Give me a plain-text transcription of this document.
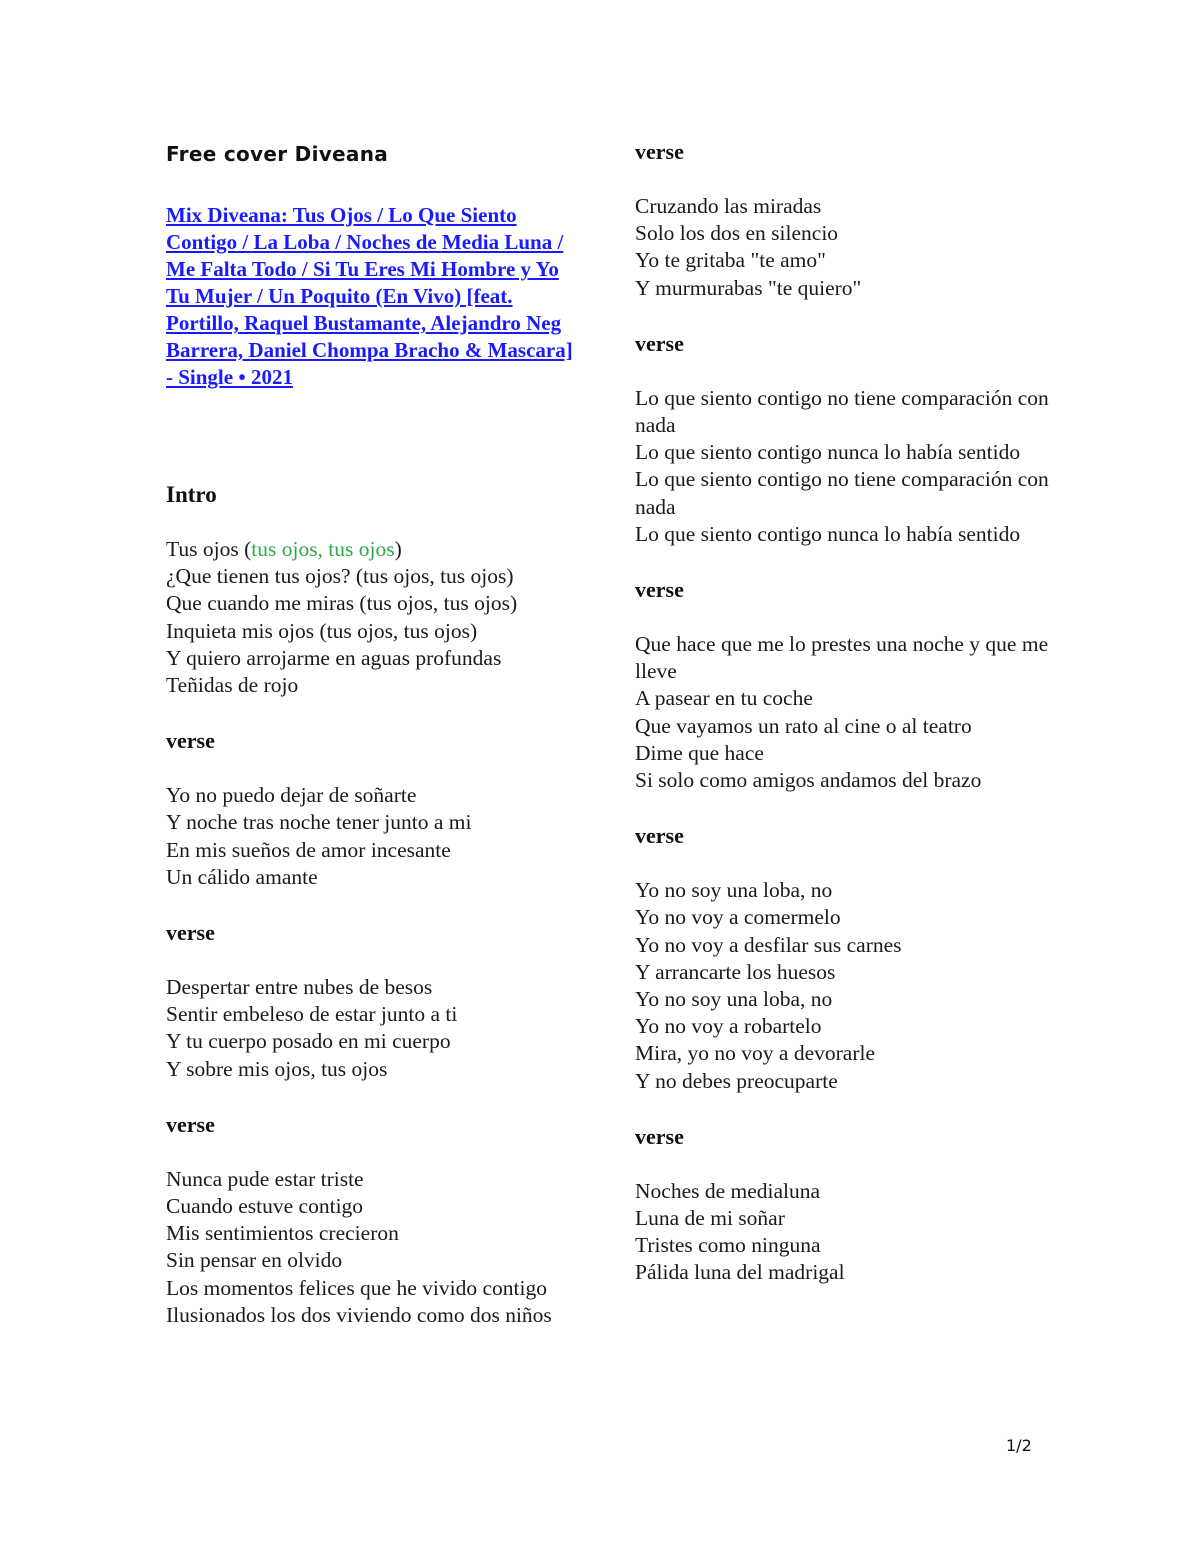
Free cover Diveana
Mix Diveana: Tus Ojos / Lo Que Siento Contigo / La Loba / Noches de Media Luna / Me Falta Todo / Si Tu Eres Mi Hombre y Yo Tu Mujer / Un Poquito (En Vivo) [feat. Portillo, Raquel Bustamante, Alejandro Neg Barrera, Daniel Chompa Bracho & Mascara] - Single • 2021
Intro

Tus ojos (tus ojos, tus ojos)

¿Que tienen tus ojos? (tus ojos, tus ojos)

Que cuando me miras (tus ojos, tus ojos)

Inquieta mis ojos (tus ojos, tus ojos)

Y quiero arrojarme en aguas profundas

Teñidas de rojo

verse

Yo no puedo dejar de soñarte

Y noche tras noche tener junto a mi

En mis sueños de amor incesante

Un cálido amante

verse

Despertar entre nubes de besos

Sentir embeleso de estar junto a ti

Y tu cuerpo posado en mi cuerpo

Y sobre mis ojos, tus ojos

verse

Nunca pude estar triste

Cuando estuve contigo

Mis sentimientos crecieron

Sin pensar en olvido

Los momentos felices que he vivido contigo

Ilusionados los dos viviendo como dos niños

verse

Cruzando las miradas

Solo los dos en silencio

Yo te gritaba "te amo"

Y murmurabas "te quiero"

verse

Lo que siento contigo no tiene comparación con nada

Lo que siento contigo nunca lo había sentido

Lo que siento contigo no tiene comparación con nada

Lo que siento contigo nunca lo había sentido

verse

Que hace que me lo prestes una noche y que me lleve

A pasear en tu coche

Que vayamos un rato al cine o al teatro

Dime que hace

Si solo como amigos andamos del brazo

verse

Yo no soy una loba, no

Yo no voy a comermelo

Yo no voy a desfilar sus carnes

Y arrancarte los huesos

Yo no soy una loba, no

Yo no voy a robartelo

Mira, yo no voy a devorarle

Y no debes preocuparte

verse

Noches de medialuna

Luna de mi soñar

Tristes como ninguna

Pálida luna del madrigal

1/2
